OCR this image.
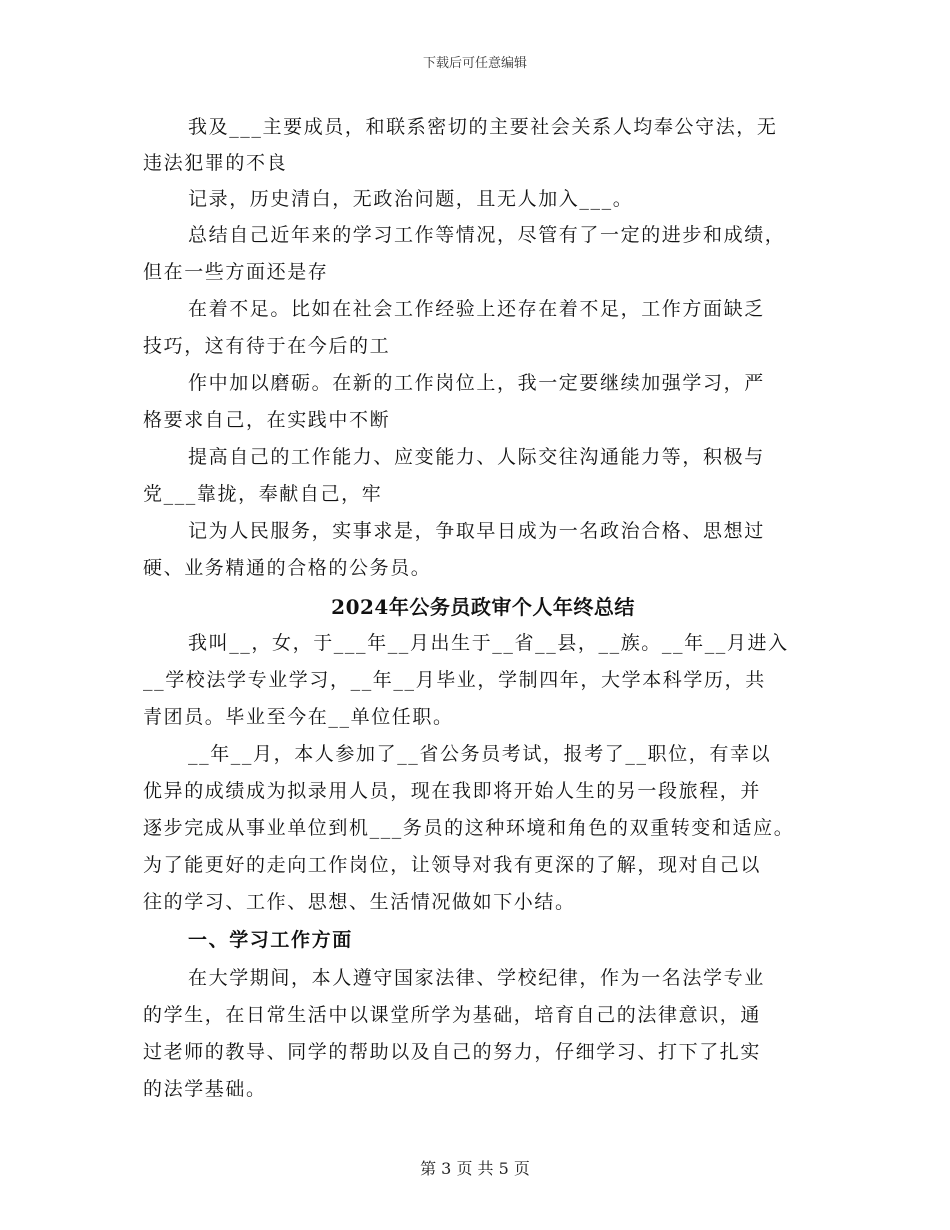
下载后可任意编辑
我及___主要成员，和联系密切的主要社会关系人均奉公守法，无
违法犯罪的不良
记录，历史清白，无政治问题，且无人加入___。
总结自己近年来的学习工作等情况，尽管有了一定的进步和成绩，
但在一些方面还是存
在着不足。比如在社会工作经验上还存在着不足，工作方面缺乏
技巧，这有待于在今后的工
作中加以磨砺。在新的工作岗位上，我一定要继续加强学习，严
格要求自己，在实践中不断
提高自己的工作能力、应变能力、人际交往沟通能力等，积极与
党___靠拢，奉献自己，牢
记为人民服务，实事求是，争取早日成为一名政治合格、思想过
硬、业务精通的合格的公务员。
2024年公务员政审个人年终总结
我叫__，女，于___年__月出生于__省__县，__族。__年__月进入
__学校法学专业学习，__年__月毕业，学制四年，大学本科学历，共
青团员。毕业至今在__单位任职。
__年__月，本人参加了__省公务员考试，报考了__职位，有幸以
优异的成绩成为拟录用人员，现在我即将开始人生的另一段旅程，并
逐步完成从事业单位到机___务员的这种环境和角色的双重转变和适应。
为了能更好的走向工作岗位，让领导对我有更深的了解，现对自己以
往的学习、工作、思想、生活情况做如下小结。
一、学习工作方面
在大学期间，本人遵守国家法律、学校纪律，作为一名法学专业
的学生，在日常生活中以课堂所学为基础，培育自己的法律意识，通
过老师的教导、同学的帮助以及自己的努力，仔细学习、打下了扎实
的法学基础。
第 3 页 共 5 页
